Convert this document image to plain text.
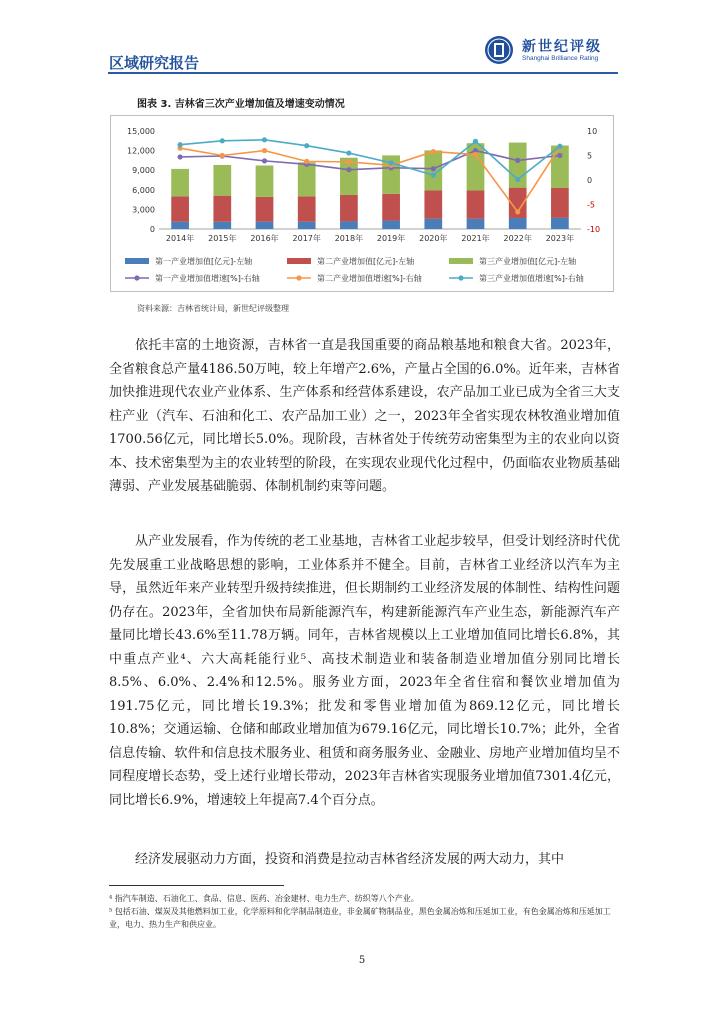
区域研究报告
新世纪评级
Shanghai Brilliance Rating
图表 3. 吉林省三次产业增加值及增速变动情况
0
3,000
6,000
9,000
12,000
15,000
-10
-5
0
5
10
2014年 2015年 2016年 2017年 2018年 2019年 2020年 2021年 2022年 2023年
第一产业增加值[亿元]-左轴	第二产业增加值[亿元]-左轴	第三产业增加值[亿元]-左轴
第一产业增加值增速[%]-右轴	第二产业增加值增速[%]-右轴	第三产业增加值增速[%]-右轴
资料来源：吉林省统计局，新世纪评级整理

依托丰富的土地资源，吉林省一直是我国重要的商品粮基地和粮食大省。2023年，全省粮食总产量4186.50万吨，较上年增产2.6%，产量占全国的6.0%。近年来，吉林省加快推进现代农业产业体系、生产体系和经营体系建设，农产品加工业已成为全省三大支柱产业（汽车、石油和化工、农产品加工业）之一，2023年全省实现农林牧渔业增加值1700.56亿元，同比增长5.0%。现阶段，吉林省处于传统劳动密集型为主的农业向以资本、技术密集型为主的农业转型的阶段，在实现农业现代化过程中，仍面临农业物质基础薄弱、产业发展基础脆弱、体制机制约束等问题。

从产业发展看，作为传统的老工业基地，吉林省工业起步较早，但受计划经济时代优先发展重工业战略思想的影响，工业体系并不健全。目前，吉林省工业经济以汽车为主导，虽然近年来产业转型升级持续推进，但长期制约工业经济发展的体制性、结构性问题仍存在。2023年，全省加快布局新能源汽车，构建新能源汽车产业生态，新能源汽车产量同比增长43.6%至11.78万辆。同年，吉林省规模以上工业增加值同比增长6.8%，其中重点产业⁴、六大高耗能行业⁵、高技术制造业和装备制造业增加值分别同比增长8.5%、6.0%、2.4%和12.5%。服务业方面，2023年全省住宿和餐饮业增加值为191.75亿元，同比增长19.3%；批发和零售业增加值为869.12亿元，同比增长10.8%；交通运输、仓储和邮政业增加值为679.16亿元，同比增长10.7%；此外，全省信息传输、软件和信息技术服务业、租赁和商务服务业、金融业、房地产业增加值均呈不同程度增长态势，受上述行业增长带动，2023年吉林省实现服务业增加值7301.4亿元，同比增长6.9%，增速较上年提高7.4个百分点。

经济发展驱动力方面，投资和消费是拉动吉林省经济发展的两大动力，其中

⁴ 指汽车制造、石油化工、食品、信息、医药、冶金建材、电力生产、纺织等八个产业。

⁵ 包括石油、煤炭及其他燃料加工业，化学原料和化学制品制造业，非金属矿物制品业，黑色金属冶炼和压延加工业，有色金属冶炼和压延加工业，电力、热力生产和供应业。

5
